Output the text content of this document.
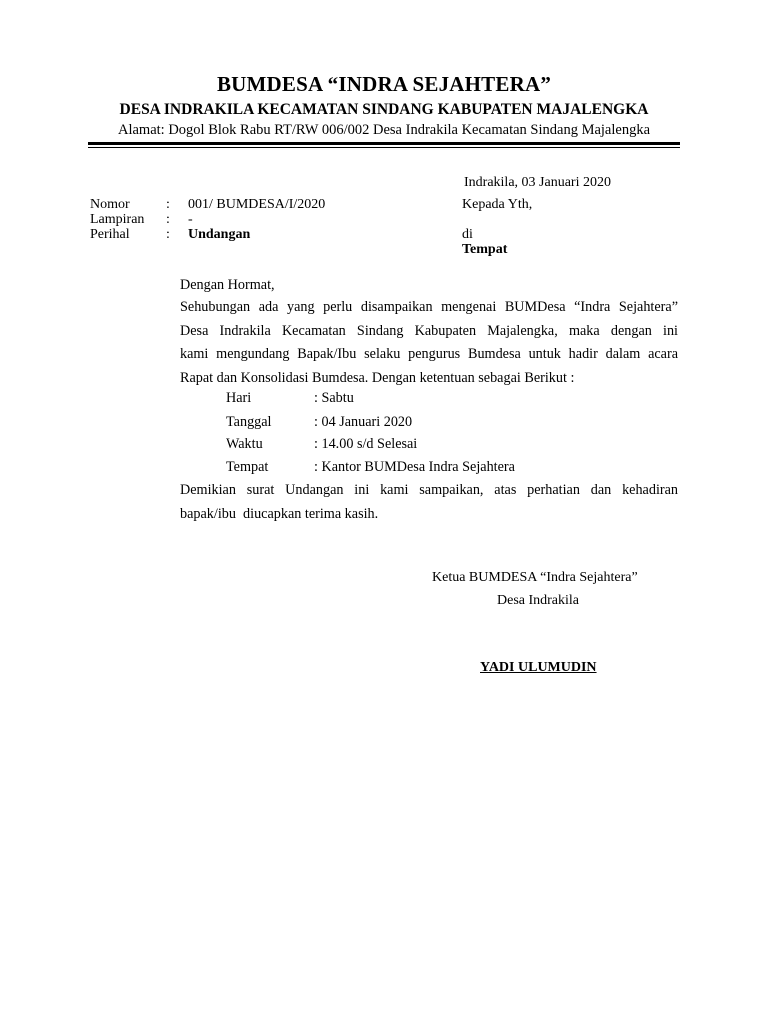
BUMDESA “INDRA SEJAHTERA”
DESA INDRAKILA KECAMATAN SINDANG KABUPATEN MAJALENGKA
Alamat: Dogol Blok Rabu RT/RW 006/002 Desa Indrakila Kecamatan Sindang Majalengka
Indrakila, 03 Januari 2020
Nomor	: 001/ BUMDESA/I/2020
Lampiran : -
Perihal	: Undangan
Kepada Yth,
di
Tempat
Dengan Hormat,
Sehubungan ada yang perlu disampaikan mengenai BUMDesa “Indra Sejahtera”
Desa Indrakila Kecamatan Sindang Kabupaten Majalengka, maka dengan ini
kami mengundang Bapak/Ibu selaku pengurus Bumdesa untuk hadir dalam acara
Rapat dan Konsolidasi Bumdesa. Dengan ketentuan sebagai Berikut :
Hari	: Sabtu
Tanggal	: 04 Januari 2020
Waktu	: 14.00 s/d Selesai
Tempat	: Kantor BUMDesa Indra Sejahtera
Demikian surat Undangan ini kami sampaikan, atas perhatian dan kehadiran
bapak/ibu  diucapkan terima kasih.
Ketua BUMDESA “Indra Sejahtera”
Desa Indrakila
YADI ULUMUDIN
